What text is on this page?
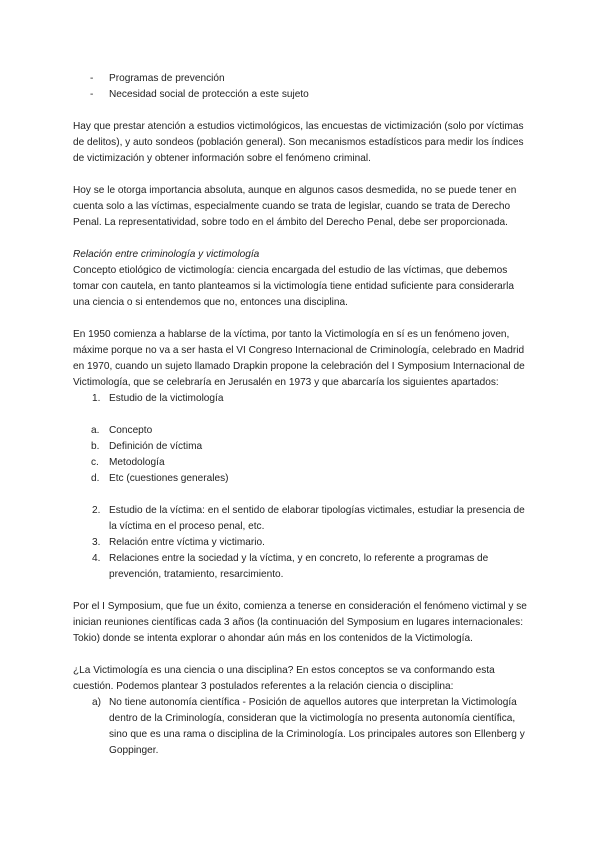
- Programas de prevención
- Necesidad social de protección a este sujeto

Hay que prestar atención a estudios victimológicos, las encuestas de victimización (solo por víctimas de delitos), y auto sondeos (población general). Son mecanismos estadísticos para medir los índices de victimización y obtener información sobre el fenómeno criminal.

Hoy se le otorga importancia absoluta, aunque en algunos casos desmedida, no se puede tener en cuenta solo a las víctimas, especialmente cuando se trata de legislar, cuando se trata de Derecho Penal. La representatividad, sobre todo en el ámbito del Derecho Penal, debe ser proporcionada.

Relación entre criminología y victimología

Concepto etiológico de victimología: ciencia encargada del estudio de las víctimas, que debemos tomar con cautela, en tanto planteamos si la victimología tiene entidad suficiente para considerarla una ciencia o si entendemos que no, entonces una disciplina.

En 1950 comienza a hablarse de la víctima, por tanto la Victimología en sí es un fenómeno joven, máxime porque no va a ser hasta el VI Congreso Internacional de Criminología, celebrado en Madrid en 1970, cuando un sujeto llamado Drapkin propone la celebración del I Symposium Internacional de Victimología, que se celebraría en Jerusalén en 1973 y que abarcaría los siguientes apartados:

1. Estudio de la victimología
a. Concepto
b. Definición de víctima
c. Metodología
d. Etc (cuestiones generales)
2. Estudio de la víctima: en el sentido de elaborar tipologías victimales, estudiar la presencia de la víctima en el proceso penal, etc.
3. Relación entre víctima y victimario.
4. Relaciones entre la sociedad y la víctima, y en concreto, lo referente a programas de prevención, tratamiento, resarcimiento.

Por el I Symposium, que fue un éxito, comienza a tenerse en consideración el fenómeno victimal y se inician reuniones científicas cada 3 años (la continuación del Symposium en lugares internacionales: Tokio) donde se intenta explorar o ahondar aún más en los contenidos de la Victimología.

¿La Victimología es una ciencia o una disciplina? En estos conceptos se va conformando esta cuestión. Podemos plantear 3 postulados referentes a la relación ciencia o disciplina:

a) No tiene autonomía científica - Posición de aquellos autores que interpretan la Victimología dentro de la Criminología, consideran que la victimología no presenta autonomía científica, sino que es una rama o disciplina de la Criminología. Los principales autores son Ellenberg y Goppinger.
